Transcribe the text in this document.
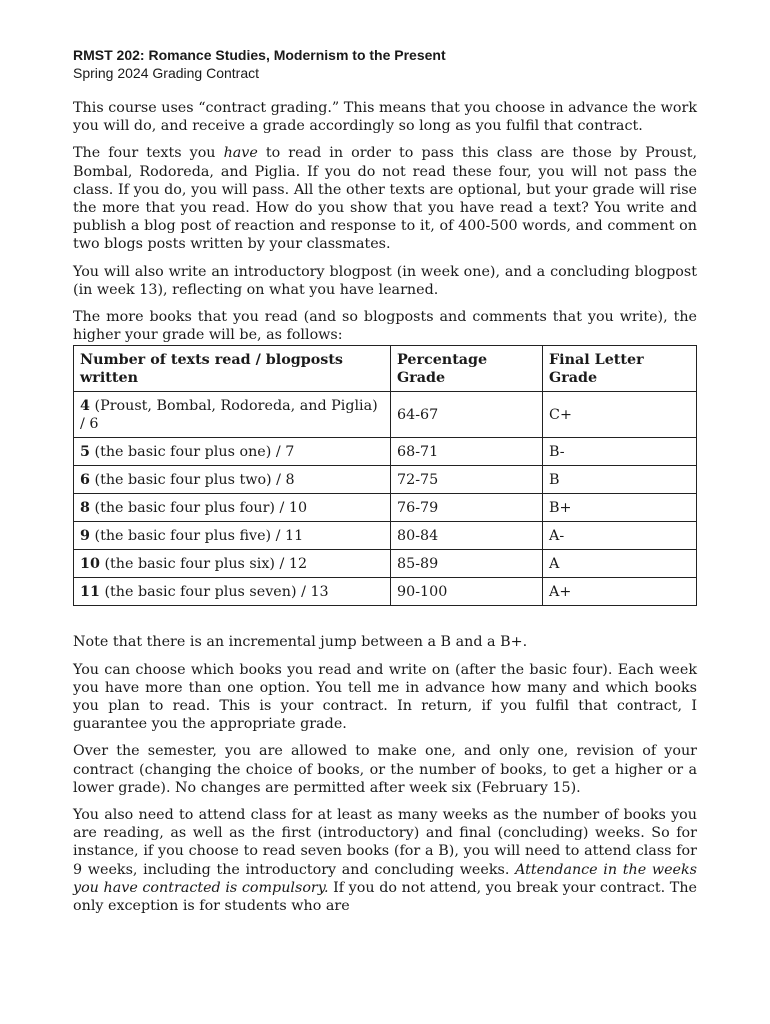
RMST 202: Romance Studies, Modernism to the Present
Spring 2024 Grading Contract

This course uses “contract grading.” This means that you choose in advance the work you will do, and receive a grade accordingly so long as you fulfil that contract.

The four texts you have to read in order to pass this class are those by Proust, Bombal, Rodoreda, and Piglia. If you do not read these four, you will not pass the class. If you do, you will pass. All the other texts are optional, but your grade will rise the more that you read. How do you show that you have read a text? You write and publish a blog post of reaction and response to it, of 400-500 words, and comment on two blogs posts written by your classmates.

You will also write an introductory blogpost (in week one), and a concluding blogpost (in week 13), reflecting on what you have learned.

The more books that you read (and so blogposts and comments that you write), the higher your grade will be, as follows:

Number of texts read / blogposts written	Percentage Grade	Final Letter Grade
4 (Proust, Bombal, Rodoreda, and Piglia) / 6	64-67	C+
5 (the basic four plus one) / 7	68-71	B-
6 (the basic four plus two) / 8	72-75	B
8 (the basic four plus four) / 10	76-79	B+
9 (the basic four plus five) / 11	80-84	A-
10 (the basic four plus six) / 12	85-89	A
11 (the basic four plus seven) / 13	90-100	A+

Note that there is an incremental jump between a B and a B+.

You can choose which books you read and write on (after the basic four). Each week you have more than one option. You tell me in advance how many and which books you plan to read. This is your contract. In return, if you fulfil that contract, I guarantee you the appropriate grade.

Over the semester, you are allowed to make one, and only one, revision of your contract (changing the choice of books, or the number of books, to get a higher or a lower grade). No changes are permitted after week six (February 15).

You also need to attend class for at least as many weeks as the number of books you are reading, as well as the first (introductory) and final (concluding) weeks. So for instance, if you choose to read seven books (for a B), you will need to attend class for 9 weeks, including the introductory and concluding weeks. Attendance in the weeks you have contracted is compulsory. If you do not attend, you break your contract. The only exception is for students who are
